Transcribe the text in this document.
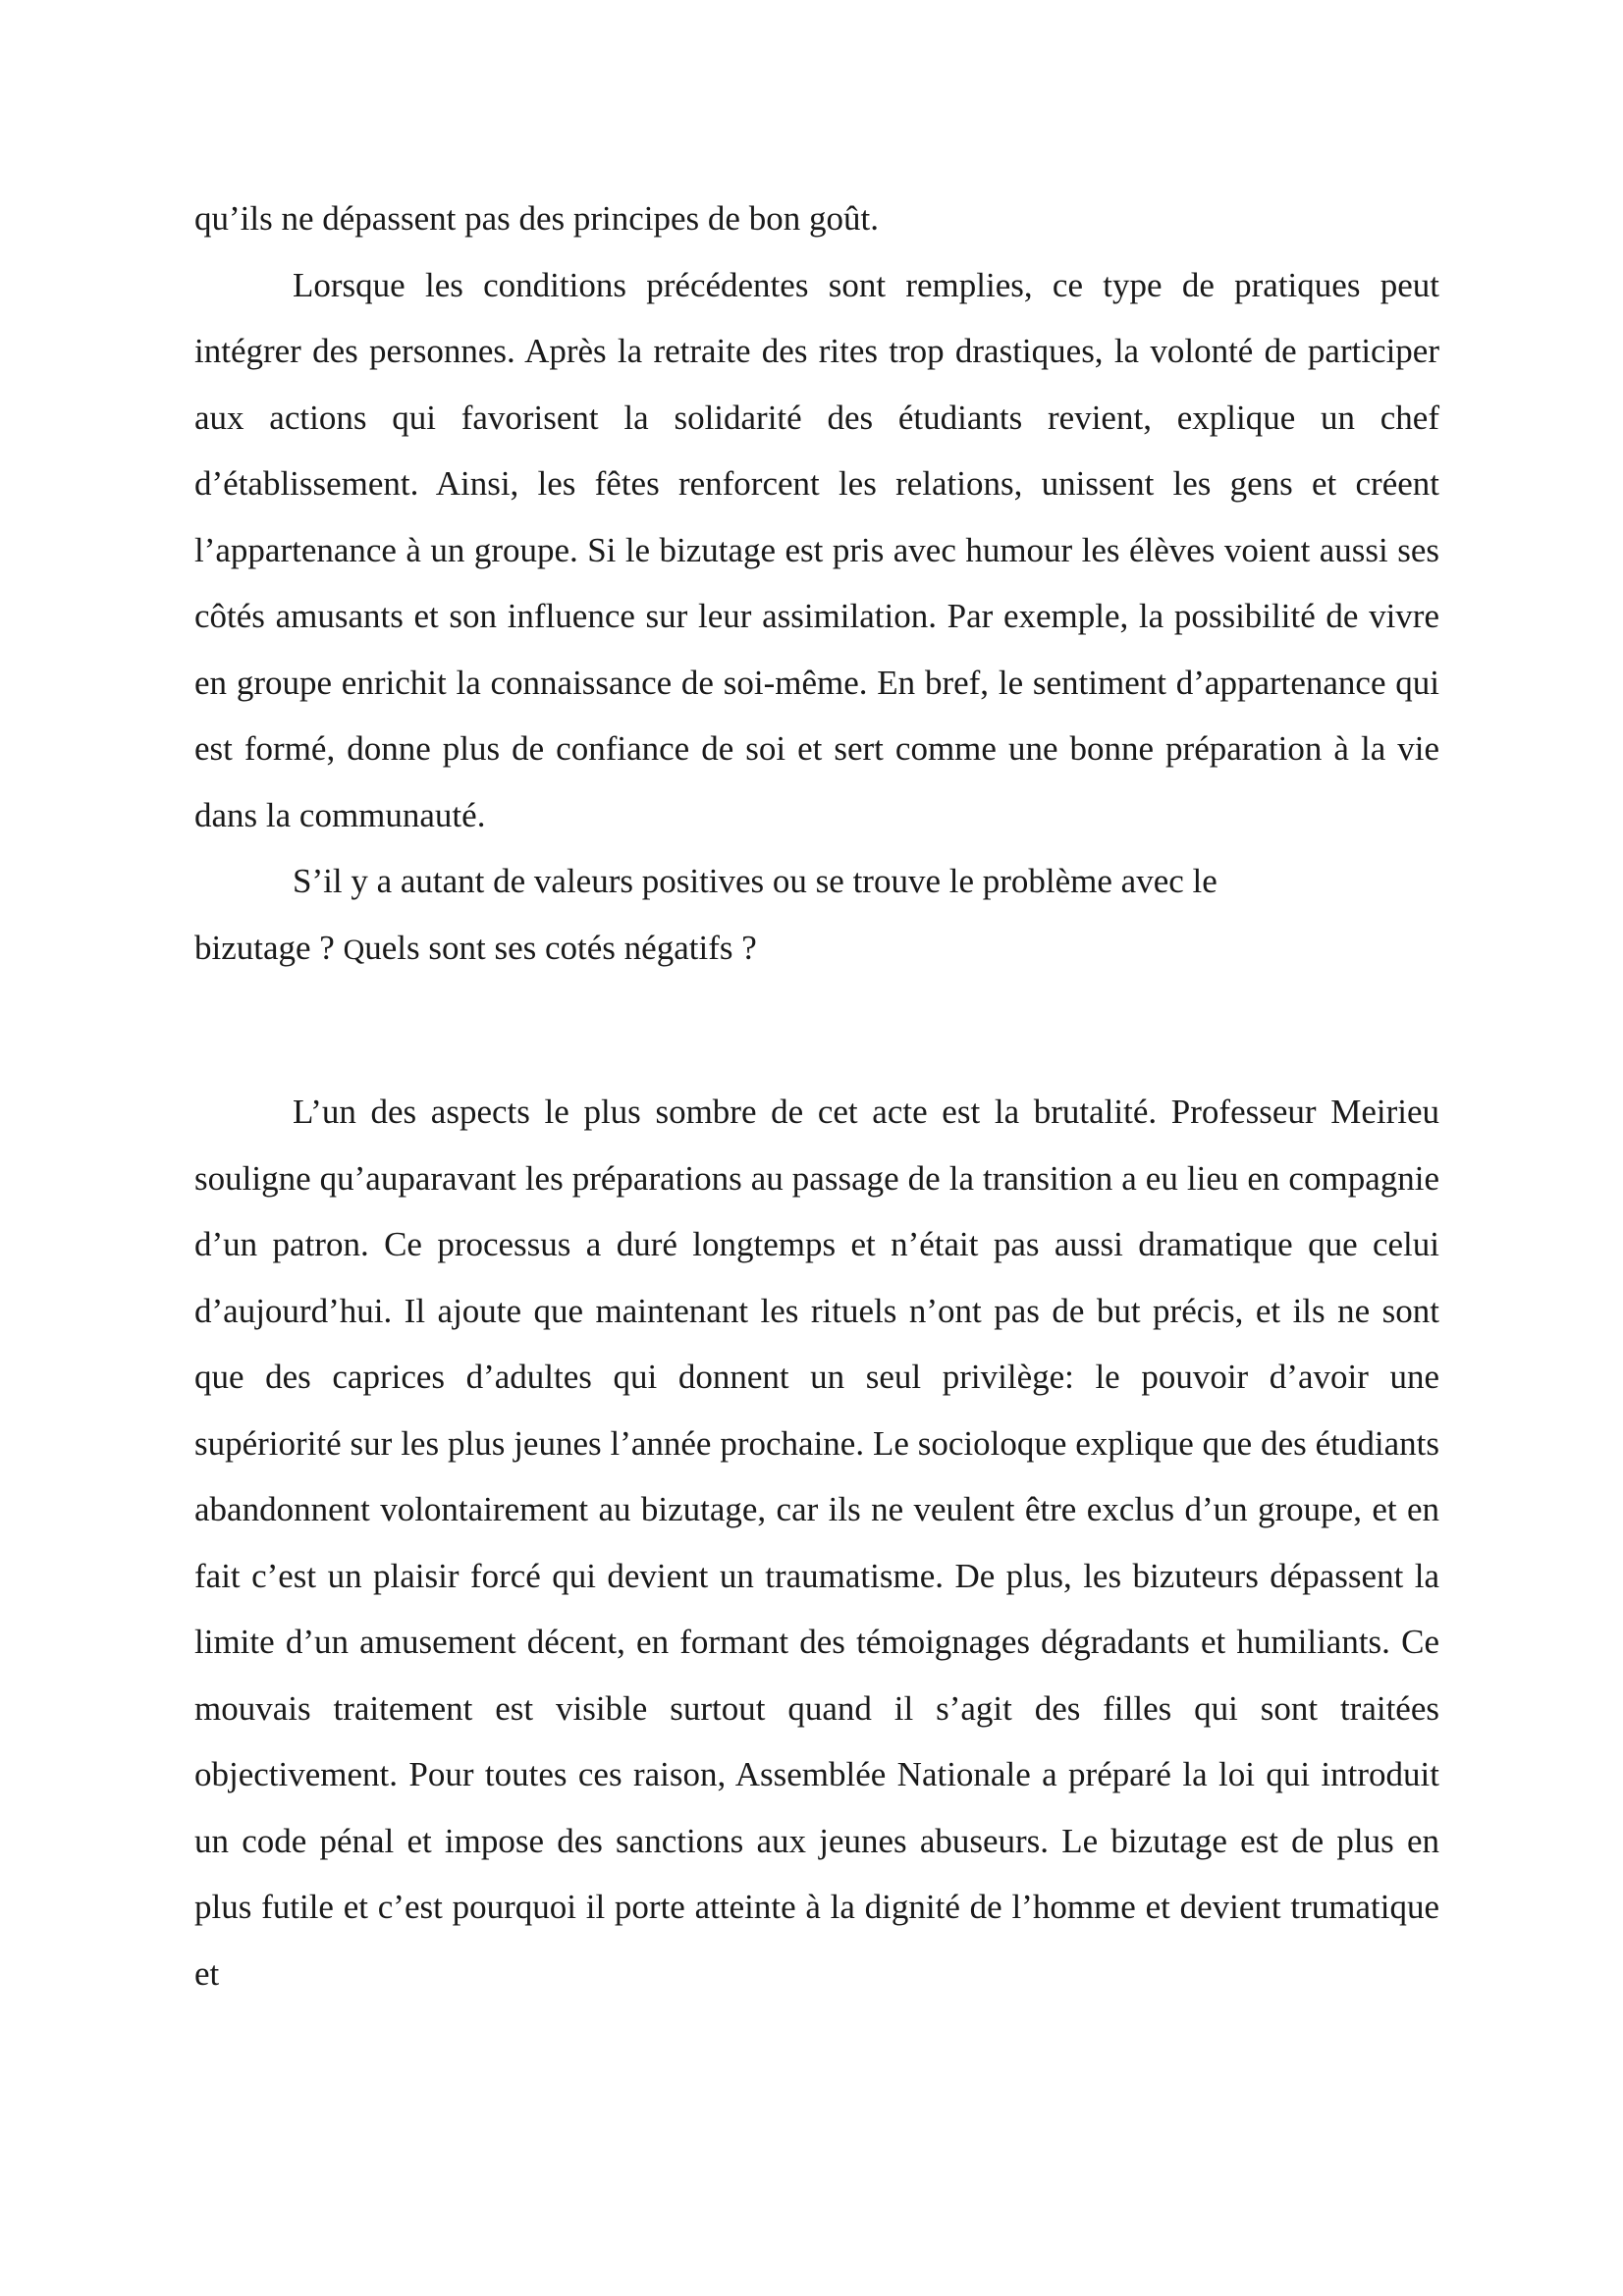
qu’ils ne dépassent pas des principes de bon goût.

Lorsque les conditions précédentes sont remplies, ce type de pratiques peut intégrer des personnes. Après la retraite des rites trop drastiques, la volonté de participer aux actions qui favorisent la solidarité des étudiants revient, explique un chef d’établissement. Ainsi, les fêtes renforcent les relations, unissent les gens et créent l’appartenance à un groupe. Si le bizutage est pris avec humour les élèves voient aussi ses côtés amusants et son influence sur leur assimilation. Par exemple, la possibilité de vivre en groupe enrichit la connaissance de soi-même. En bref, le sentiment d’appartenance qui est formé, donne plus de confiance de soi et sert comme une bonne préparation à la vie dans la communauté.

S’il y a autant de valeurs positives ou se trouve le problème avec le
bizutage ? Quels sont ses cotés négatifs ?

L’un des aspects le plus sombre de cet acte est la brutalité. Professeur Meirieu souligne qu’auparavant les préparations au passage de la transition a eu lieu en compagnie d’un patron. Ce processus a duré longtemps et n’était pas aussi dramatique que celui d’aujourd’hui. Il ajoute que maintenant les rituels n’ont pas de but précis, et ils ne sont que des caprices d’adultes qui donnent un seul privilège: le pouvoir d’avoir une supériorité sur les plus jeunes l’année prochaine. Le socioloque explique que des étudiants abandonnent volontairement au bizutage, car ils ne veulent être exclus d’un groupe, et en fait c’est un plaisir forcé qui devient un traumatisme. De plus, les bizuteurs dépassent la limite d’un amusement décent, en formant des témoignages dégradants et humiliants. Ce mouvais traitement est visible surtout quand il s’agit des filles qui sont traitées objectivement. Pour toutes ces raison, Assemblée Nationale a préparé la loi qui introduit un code pénal et impose des sanctions aux jeunes abuseurs. Le bizutage est de plus en plus futile et c’est pourquoi il porte atteinte à la dignité de l’homme et devient trumatique et
